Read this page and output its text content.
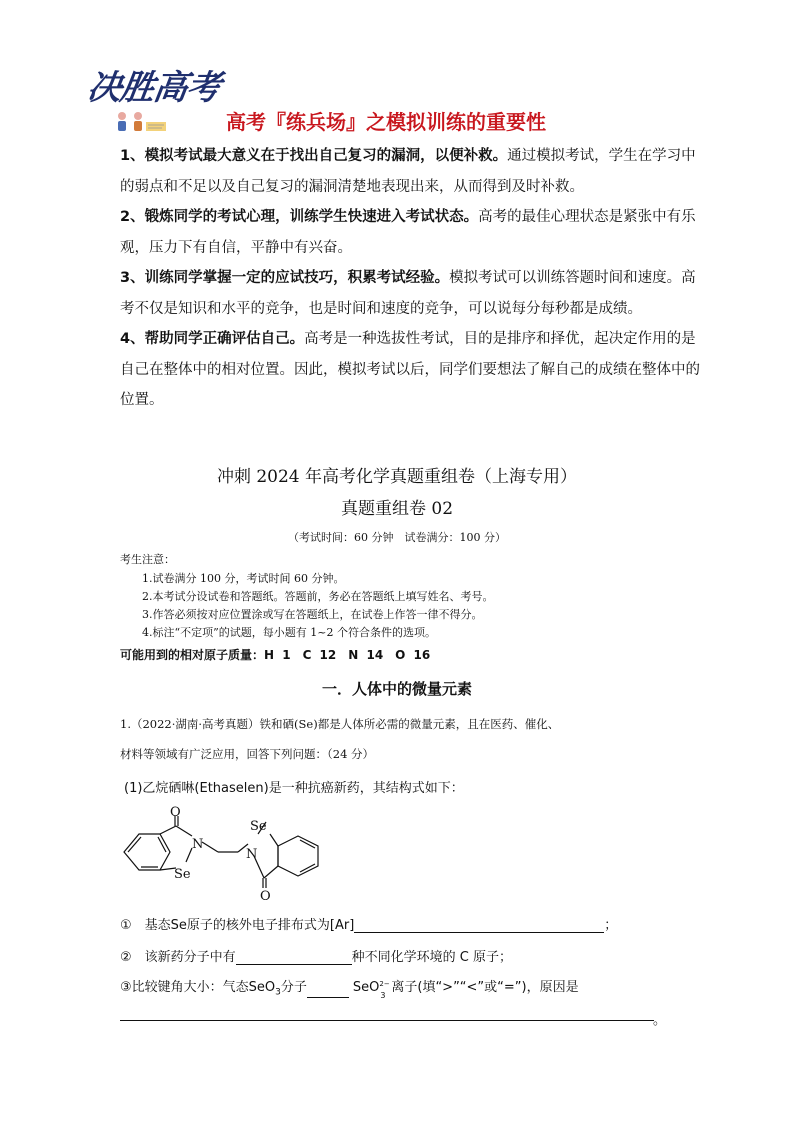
决胜高考
高考『练兵场』之模拟训练的重要性
1、模拟考试最大意义在于找出自己复习的漏洞，以便补救。通过模拟考试，学生在学习中的弱点和不足以及自己复习的漏洞清楚地表现出来，从而得到及时补救。
2、锻炼同学的考试心理，训练学生快速进入考试状态。高考的最佳心理状态是紧张中有乐观，压力下有自信，平静中有兴奋。
3、训练同学掌握一定的应试技巧，积累考试经验。模拟考试可以训练答题时间和速度。高考不仅是知识和水平的竞争，也是时间和速度的竞争，可以说每分每秒都是成绩。
4、帮助同学正确评估自己。高考是一种选拔性考试，目的是排序和择优，起决定作用的是自己在整体中的相对位置。因此，模拟考试以后，同学们要想法了解自己的成绩在整体中的位置。
冲刺 2024 年高考化学真题重组卷（上海专用）
真题重组卷 02
（考试时间：60 分钟　试卷满分：100 分）
考生注意：
1.试卷满分 100 分，考试时间 60 分钟。
2.本考试分设试卷和答题纸。答题前，务必在答题纸上填写姓名、考号。
3.作答必须按对应位置涂或写在答题纸上，在试卷上作答一律不得分。
4.标注“不定项”的试题，每小题有 1~2 个符合条件的选项。
可能用到的相对原子质量：H 1　C 12　N 14　O 16
一．人体中的微量元素
1.（2022·湖南·高考真题）铁和硒(Se)都是人体所必需的微量元素，且在医药、催化、
材料等领域有广泛应用，回答下列问题：（24 分）
(1)乙烷硒啉(Ethaselen)是一种抗癌新药，其结构式如下：
O
N
Se
Se
N
O
①　基态Se原子的核外电子排布式为[Ar]	；
②　该新药分子中有	种不同化学环境的 C 原子；
③比较键角大小：气态SeO$_3$分子	SeO 2−
3
离子(填“>”“<”或“=”)，原因是
。
